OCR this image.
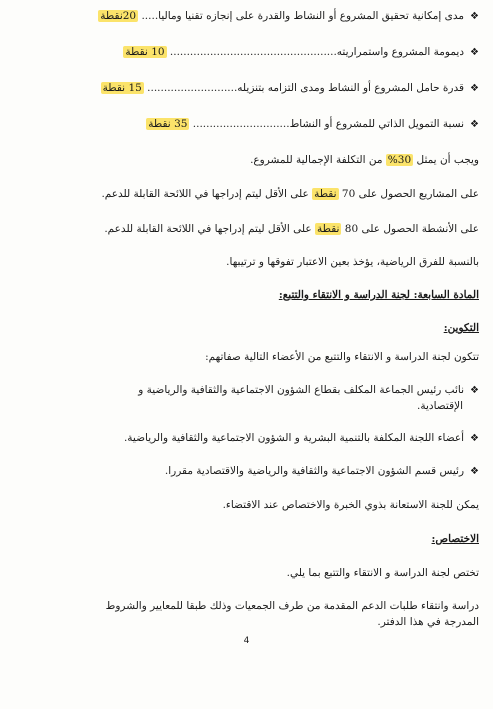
❖مدى إمكانية تحقيق المشروع أو النشاط والقدرة على إنجازه تقنيا وماليا..... 20نقطة
❖ديمومة المشروع واستمراريته.................................................. 10 نقطة
❖قدرة حامل المشروع أو النشاط ومدى التزامه بتنزيله........................... 15 نقطة
❖نسبة التمويل الذاتي للمشروع أو النشاط............................. 35 نقطة
ويجب أن يمثل 30% من التكلفة الإجمالية للمشروع.
على المشاريع الحصول على 70 نقطة على الأقل ليتم إدراجها في اللائحة القابلة للدعم.
على الأنشطة الحصول على 80 نقطة على الأقل ليتم إدراجها في اللائحة القابلة للدعم.
بالنسبة للفرق الرياضية، يؤخذ بعين الاعتبار تفوقها و ترتيبها.
المادة السابعة: لجنة الدراسة و الانتقاء والتتبع:
التكوين:
تتكون لجنة الدراسة و الانتقاء والتتبع من الأعضاء التالية صفاتهم:
❖نائب رئيس الجماعة المكلف بقطاع الشؤون الاجتماعية والثقافية والرياضية و
الإقتصادية.
❖أعضاء اللجنة المكلفة بالتنمية البشرية و الشؤون الاجتماعية والثقافية والرياضية.
❖رئيس قسم الشؤون الاجتماعية والثقافية والرياضية والاقتصادية مقررا.
يمكن للجنة الاستعانة بذوي الخبرة والاختصاص عند الاقتضاء.
الاختصاص:
تختص لجنة الدراسة و الانتقاء والتتبع بما يلي.
دراسة وانتقاء طلبات الدعم المقدمة من طرف الجمعيات وذلك طبقا للمعايير والشروط
المدرجة في هذا الدفتر.
4
